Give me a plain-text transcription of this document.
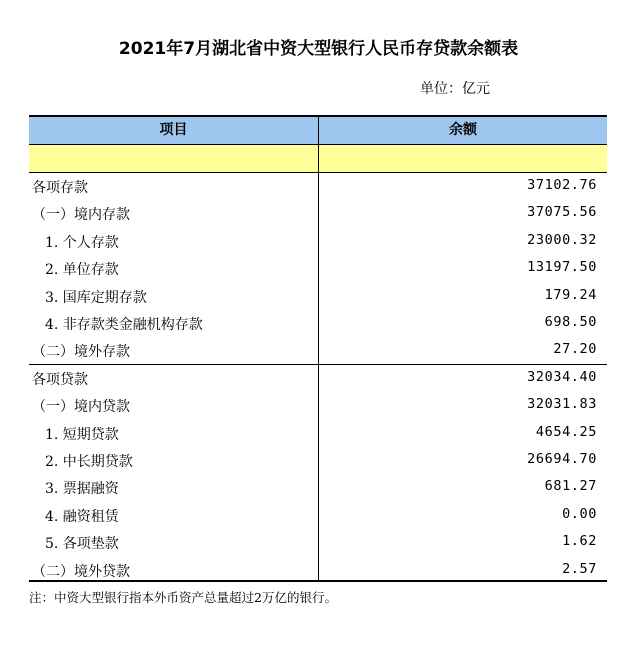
2021年7月湖北省中资大型银行人民币存贷款余额表
单位：亿元
项目	余额
各项存款	37102.76
（一）境内存款	37075.56
1. 个人存款	23000.32
2. 单位存款	13197.50
3. 国库定期存款	179.24
4. 非存款类金融机构存款	698.50
（二）境外存款	27.20
各项贷款	32034.40
（一）境内贷款	32031.83
1. 短期贷款	4654.25
2. 中长期贷款	26694.70
3. 票据融资	681.27
4. 融资租赁	0.00
5. 各项垫款	1.62
（二）境外贷款	2.57
注：中资大型银行指本外币资产总量超过2万亿的银行。
